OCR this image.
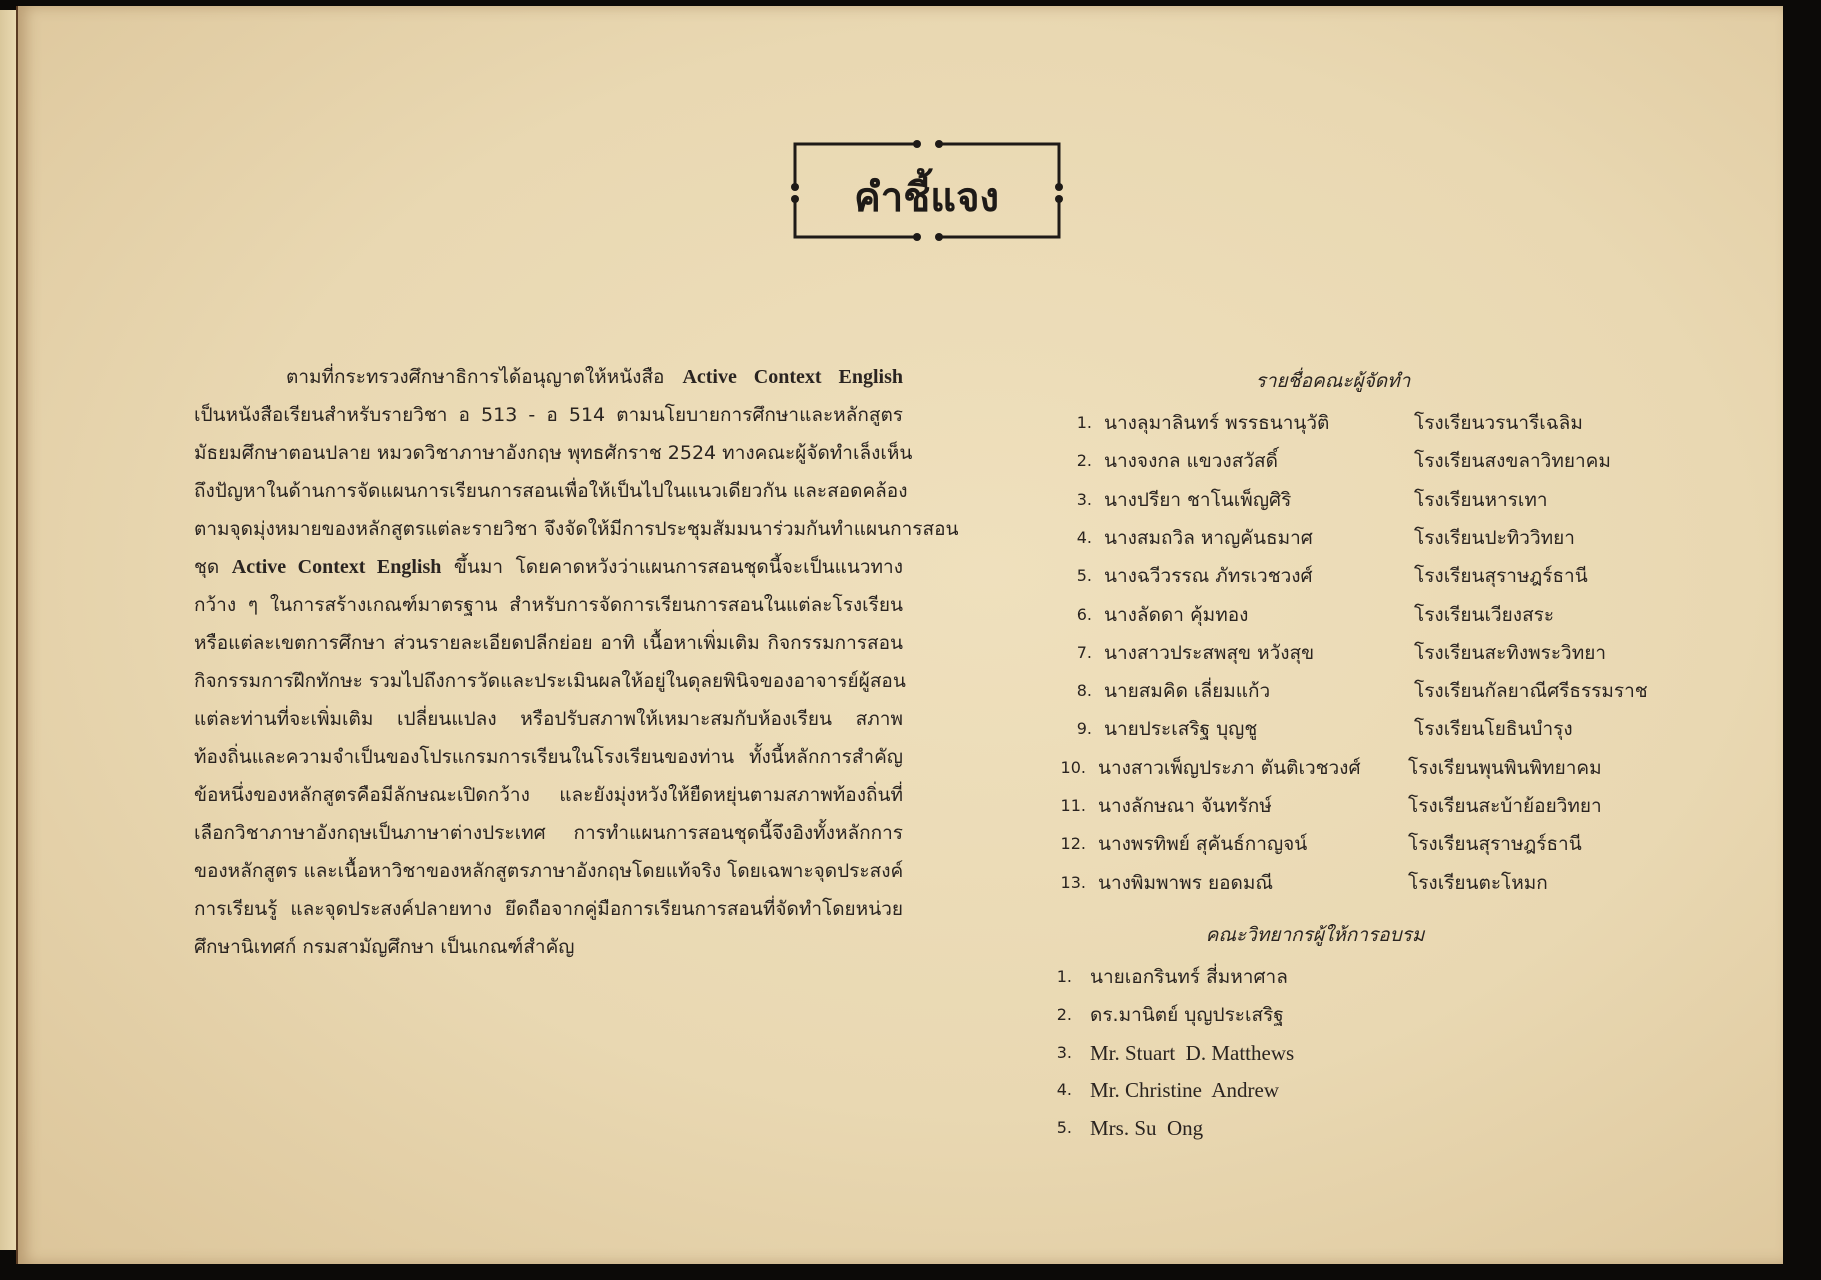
คำชี้แจง
ตามที่กระทรวงศึกษาธิการได้อนุญาตให้หนังสือ Active Context English
เป็นหนังสือเรียนสำหรับรายวิชา อ 513 - อ 514 ตามนโยบายการศึกษาและหลักสูตร
มัธยมศึกษาตอนปลาย หมวดวิชาภาษาอังกฤษ พุทธศักราช 2524 ทางคณะผู้จัดทำเล็งเห็น
ถึงปัญหาในด้านการจัดแผนการเรียนการสอนเพื่อให้เป็นไปในแนวเดียวกัน และสอดคล้อง
ตามจุดมุ่งหมายของหลักสูตรแต่ละรายวิชา จึงจัดให้มีการประชุมสัมมนาร่วมกันทำแผนการสอน
ชุด Active Context English ขึ้นมา โดยคาดหวังว่าแผนการสอนชุดนี้จะเป็นแนวทาง
กว้าง ๆ ในการสร้างเกณฑ์มาตรฐาน สำหรับการจัดการเรียนการสอนในแต่ละโรงเรียน
หรือแต่ละเขตการศึกษา ส่วนรายละเอียดปลีกย่อย อาทิ เนื้อหาเพิ่มเติม กิจกรรมการสอน
กิจกรรมการฝึกทักษะ รวมไปถึงการวัดและประเมินผลให้อยู่ในดุลยพินิจของอาจารย์ผู้สอน
แต่ละท่านที่จะเพิ่มเติม เปลี่ยนแปลง หรือปรับสภาพให้เหมาะสมกับห้องเรียน สภาพ
ท้องถิ่นและความจำเป็นของโปรแกรมการเรียนในโรงเรียนของท่าน ทั้งนี้หลักการสำคัญ
ข้อหนึ่งของหลักสูตรคือมีลักษณะเปิดกว้าง และยังมุ่งหวังให้ยืดหยุ่นตามสภาพท้องถิ่นที่
เลือกวิชาภาษาอังกฤษเป็นภาษาต่างประเทศ การทำแผนการสอนชุดนี้จึงอิงทั้งหลักการ
ของหลักสูตร และเนื้อหาวิชาของหลักสูตรภาษาอังกฤษโดยแท้จริง โดยเฉพาะจุดประสงค์
การเรียนรู้ และจุดประสงค์ปลายทาง ยึดถือจากคู่มือการเรียนการสอนที่จัดทำโดยหน่วย
ศึกษานิเทศก์ กรมสามัญศึกษา เป็นเกณฑ์สำคัญ
รายชื่อคณะผู้จัดทำ
1. นางลุมาลินทร์ พรรธนานุวัติ	โรงเรียนวรนารีเฉลิม
2. นางจงกล แขวงสวัสดิ์	โรงเรียนสงขลาวิทยาคม
3. นางปรียา ชาโนเพ็ญศิริ	โรงเรียนหารเทา
4. นางสมถวิล หาญคันธมาศ	โรงเรียนปะทิววิทยา
5. นางฉวีวรรณ ภัทรเวชวงศ์	โรงเรียนสุราษฎร์ธานี
6. นางลัดดา คุ้มทอง	โรงเรียนเวียงสระ
7. นางสาวประสพสุข หวังสุข	โรงเรียนสะทิงพระวิทยา
8. นายสมคิด เลี่ยมแก้ว	โรงเรียนกัลยาณีศรีธรรมราช
9. นายประเสริฐ บุญชู	โรงเรียนโยธินบำรุง
10. นางสาวเพ็ญประภา ตันติเวชวงศ์ โรงเรียนพุนพินพิทยาคม
11. นางลักษณา จันทรักษ์	โรงเรียนสะบ้าย้อยวิทยา
12. นางพรทิพย์ สุคันธ์กาญจน์	โรงเรียนสุราษฎร์ธานี
13. นางพิมพาพร ยอดมณี	โรงเรียนตะโหมก
คณะวิทยากรผู้ให้การอบรม
1. นายเอกรินทร์ สี่มหาศาล
2. ดร.มานิตย์ บุญประเสริฐ
3. Mr. Stuart  D. Matthews
4. Mr. Christine  Andrew
5. Mrs. Su  Ong
